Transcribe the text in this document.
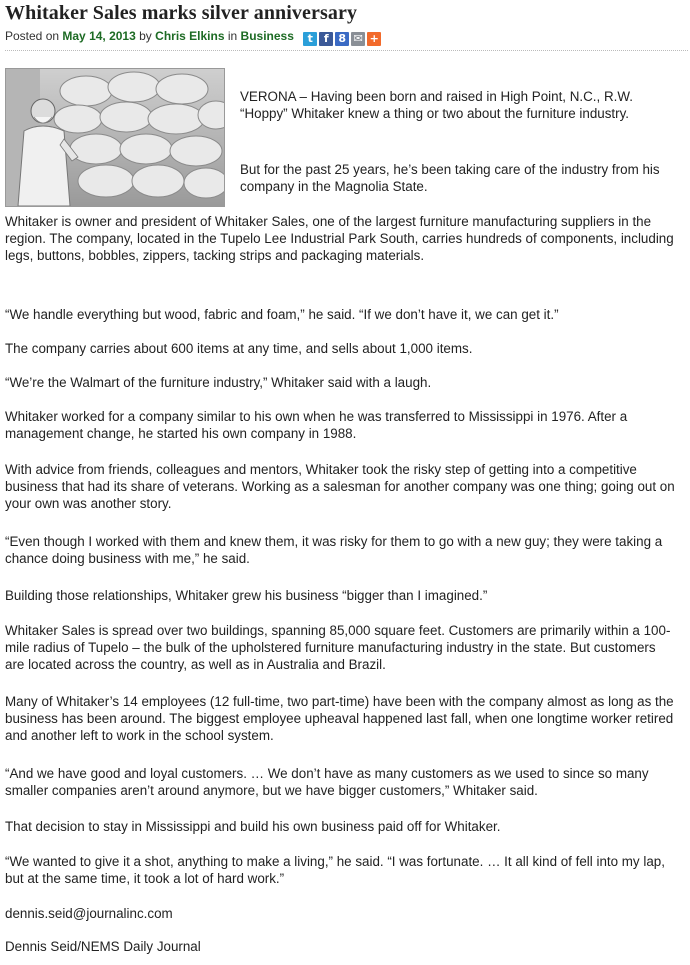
Whitaker Sales marks silver anniversary
Posted on May 14, 2013 by Chris Elkins in Business t f 8 ✉ +

VERONA – Having been born and raised in High Point, N.C., R.W. “Hoppy” Whitaker knew a thing or two about the furniture industry.

But for the past 25 years, he’s been taking care of the industry from his company in the Magnolia State.

Whitaker is owner and president of Whitaker Sales, one of the largest furniture manufacturing suppliers in the region. The company, located in the Tupelo Lee Industrial Park South, carries hundreds of components, including legs, buttons, bobbles, zippers, tacking strips and packaging materials.

“We handle everything but wood, fabric and foam,” he said. “If we don’t have it, we can get it.”

The company carries about 600 items at any time, and sells about 1,000 items.

“We’re the Walmart of the furniture industry,” Whitaker said with a laugh.

Whitaker worked for a company similar to his own when he was transferred to Mississippi in 1976. After a management change, he started his own company in 1988.

With advice from friends, colleagues and mentors, Whitaker took the risky step of getting into a competitive business that had its share of veterans. Working as a salesman for another company was one thing; going out on your own was another story.

“Even though I worked with them and knew them, it was risky for them to go with a new guy; they were taking a chance doing business with me,” he said.

Building those relationships, Whitaker grew his business “bigger than I imagined.”

Whitaker Sales is spread over two buildings, spanning 85,000 square feet. Customers are primarily within a 100-mile radius of Tupelo – the bulk of the upholstered furniture manufacturing industry in the state. But customers are located across the country, as well as in Australia and Brazil.

Many of Whitaker’s 14 employees (12 full-time, two part-time) have been with the company almost as long as the business has been around. The biggest employee upheaval happened last fall, when one longtime worker retired and another left to work in the school system.

“And we have good and loyal customers. … We don’t have as many customers as we used to since so many smaller companies aren’t around anymore, but we have bigger customers,” Whitaker said.

That decision to stay in Mississippi and build his own business paid off for Whitaker.

“We wanted to give it a shot, anything to make a living,” he said. “I was fortunate. … It all kind of fell into my lap, but at the same time, it took a lot of hard work.”

dennis.seid@journalinc.com

Dennis Seid/NEMS Daily Journal
